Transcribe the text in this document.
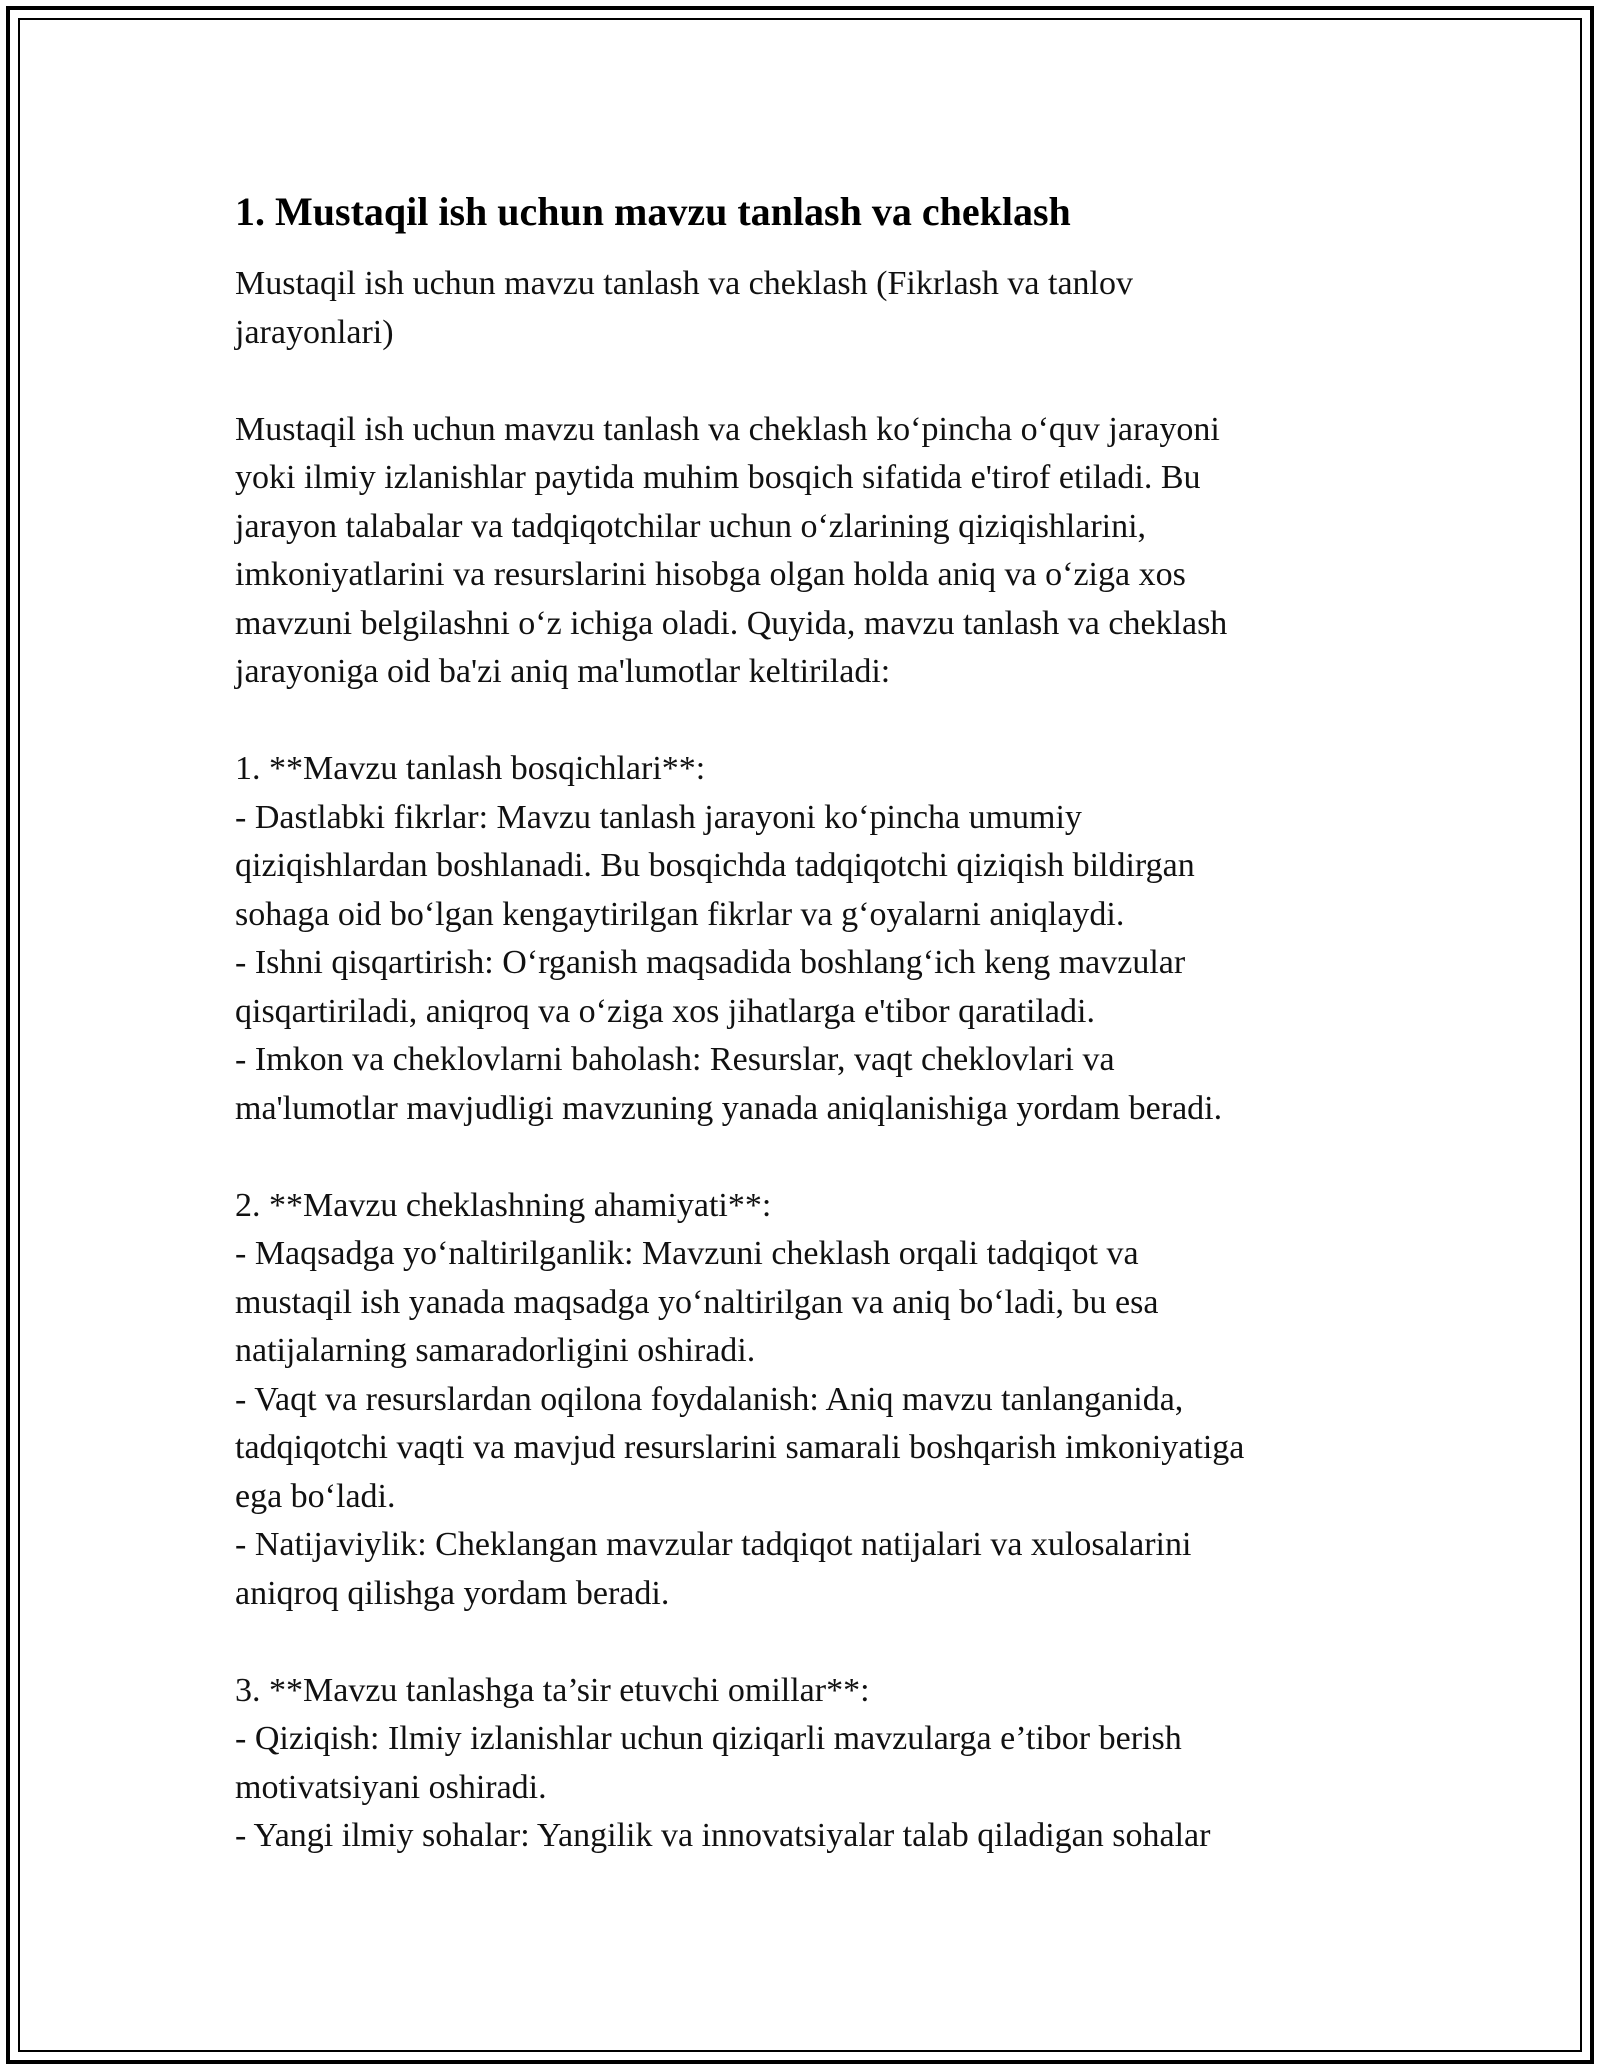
1. Mustaqil ish uchun mavzu tanlash va cheklash

Mustaqil ish uchun mavzu tanlash va cheklash (Fikrlash va tanlov
jarayonlari)

Mustaqil ish uchun mavzu tanlash va cheklash ko‘pincha o‘quv jarayoni
yoki ilmiy izlanishlar paytida muhim bosqich sifatida e'tirof etiladi. Bu
jarayon talabalar va tadqiqotchilar uchun o‘zlarining qiziqishlarini,
imkoniyatlarini va resurslarini hisobga olgan holda aniq va o‘ziga xos
mavzuni belgilashni o‘z ichiga oladi. Quyida, mavzu tanlash va cheklash
jarayoniga oid ba'zi aniq ma'lumotlar keltiriladi:

1. **Mavzu tanlash bosqichlari**:

- Dastlabki fikrlar: Mavzu tanlash jarayoni ko‘pincha umumiy
qiziqishlardan boshlanadi. Bu bosqichda tadqiqotchi qiziqish bildirgan
sohaga oid bo‘lgan kengaytirilgan fikrlar va g‘oyalarni aniqlaydi.

- Ishni qisqartirish: O‘rganish maqsadida boshlang‘ich keng mavzular
qisqartiriladi, aniqroq va o‘ziga xos jihatlarga e'tibor qaratiladi.

- Imkon va cheklovlarni baholash: Resurslar, vaqt cheklovlari va
ma'lumotlar mavjudligi mavzuning yanada aniqlanishiga yordam beradi.

2. **Mavzu cheklashning ahamiyati**:

- Maqsadga yo‘naltirilganlik: Mavzuni cheklash orqali tadqiqot va
mustaqil ish yanada maqsadga yo‘naltirilgan va aniq bo‘ladi, bu esa
natijalarning samaradorligini oshiradi.

- Vaqt va resurslardan oqilona foydalanish: Aniq mavzu tanlanganida,
tadqiqotchi vaqti va mavjud resurslarini samarali boshqarish imkoniyatiga
ega bo‘ladi.

- Natijaviylik: Cheklangan mavzular tadqiqot natijalari va xulosalarini
aniqroq qilishga yordam beradi.

3. **Mavzu tanlashga ta’sir etuvchi omillar**:

- Qiziqish: Ilmiy izlanishlar uchun qiziqarli mavzularga e’tibor berish
motivatsiyani oshiradi.

- Yangi ilmiy sohalar: Yangilik va innovatsiyalar talab qiladigan sohalar
